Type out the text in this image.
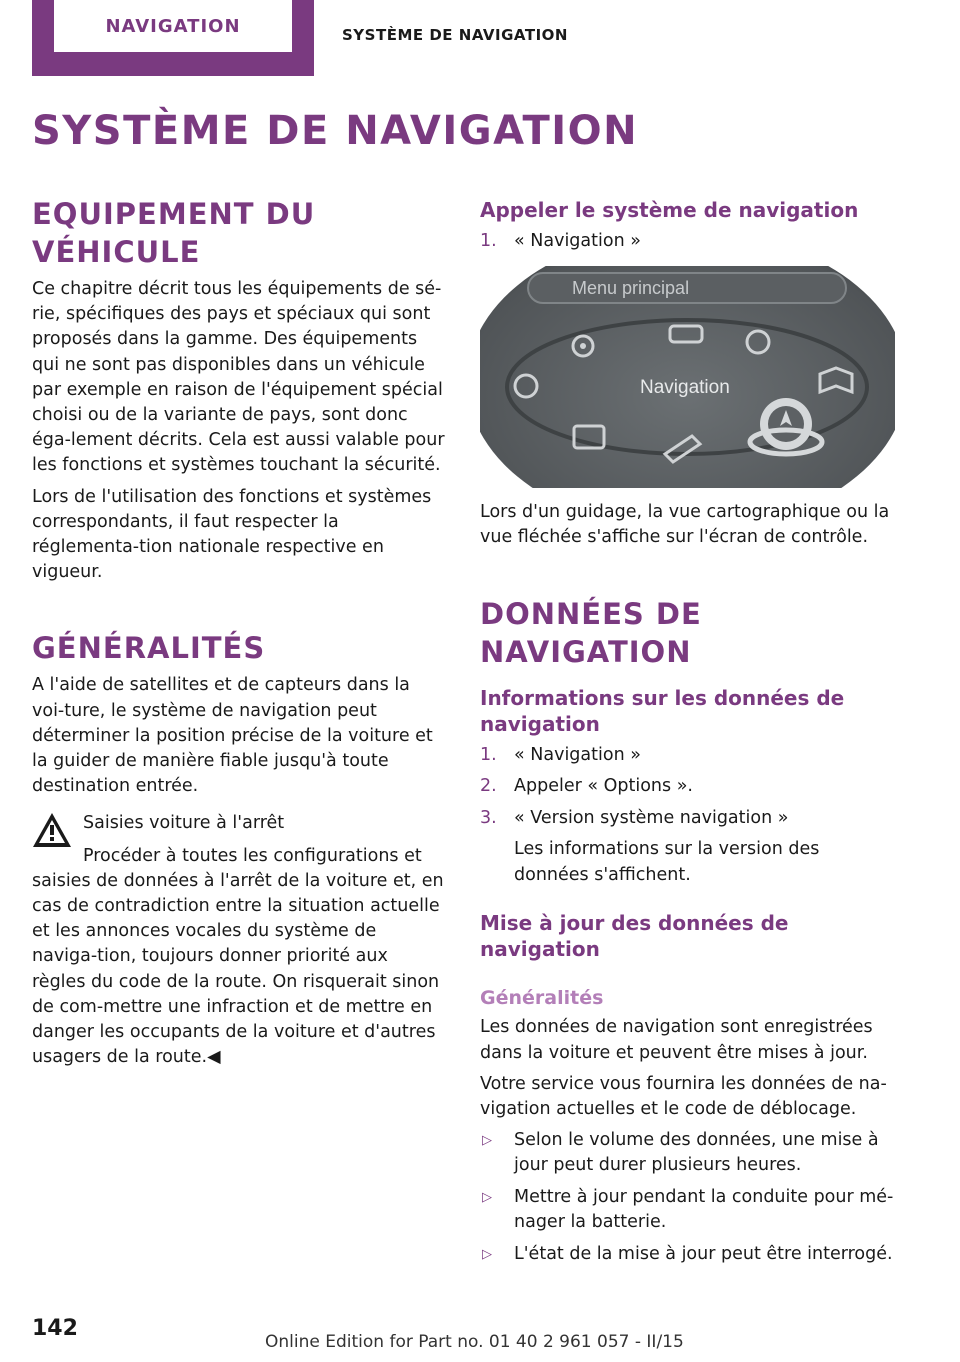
NAVIGATION	SYSTÈME DE NAVIGATION
SYSTÈME DE NAVIGATION
EQUIPEMENT DU VÉHICULE

Ce chapitre décrit tous les équipements de sé‐rie, spécifiques des pays et spéciaux qui sont proposés dans la gamme. Des équipements qui ne sont pas disponibles dans un véhicule par exemple en raison de l'équipement spécial choisi ou de la variante de pays, sont donc éga‐lement décrits. Cela est aussi valable pour les fonctions et systèmes touchant la sécurité.

Lors de l'utilisation des fonctions et systèmes correspondants, il faut respecter la réglementa‐tion nationale respective en vigueur.

GÉNÉRALITÉS

A l'aide de satellites et de capteurs dans la voi‐ture, le système de navigation peut déterminer la position précise de la voiture et la guider de manière fiable jusqu'à toute destination entrée.

Saisies voiture à l'arrêt

Procéder à toutes les configurations et saisies de données à l'arrêt de la voiture et, en cas de contradiction entre la situation actuelle et les annonces vocales du système de naviga‐tion, toujours donner priorité aux règles du code de la route. On risquerait sinon de com‐mettre une infraction et de mettre en danger les occupants de la voiture et d'autres usagers de la route.◀

Appeler le système de navigation
1. « Navigation »
Menu principal
Navigation

Lors d'un guidage, la vue cartographique ou la vue fléchée s'affiche sur l'écran de contrôle.

DONNÉES DE NAVIGATION
Informations sur les données de navigation
1. « Navigation »
2. Appeler « Options ».
3. « Version système navigation »
Les informations sur la version des données s'affichent.
Mise à jour des données de navigation
Généralités

Les données de navigation sont enregistrées dans la voiture et peuvent être mises à jour.

Votre service vous fournira les données de na‐vigation actuelles et le code de déblocage.

▷ Selon le volume des données, une mise à jour peut durer plusieurs heures.
▷ Mettre à jour pendant la conduite pour mé‐nager la batterie.
▷ L'état de la mise à jour peut être interrogé.
142
Online Edition for Part no. 01 40 2 961 057 - II/15
